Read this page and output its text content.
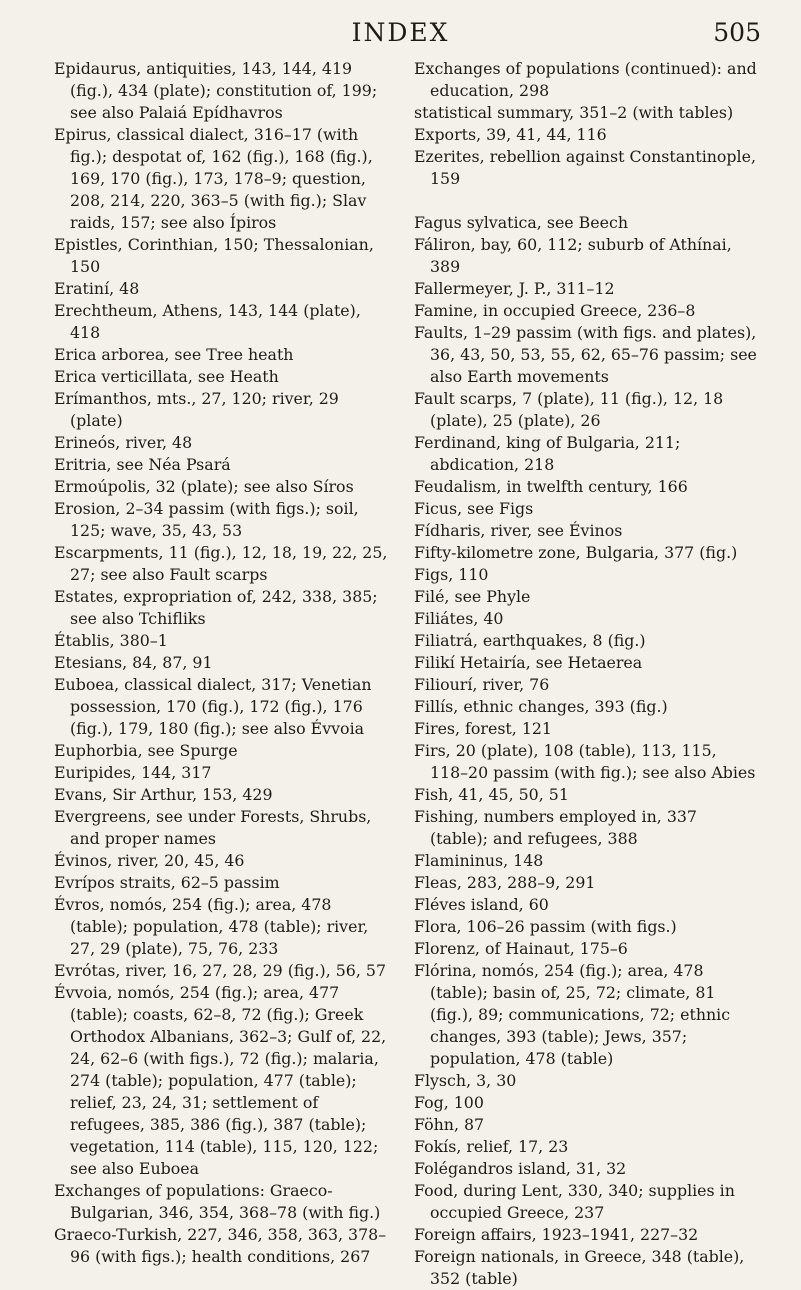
INDEX	505

Epidaurus, antiquities, 143, 144, 419 (fig.), 434 (plate); constitution of, 199; see also Palaiá Epídhavros

Epirus, classical dialect, 316–17 (with fig.); despotat of, 162 (fig.), 168 (fig.), 169, 170 (fig.), 173, 178–9; question, 208, 214, 220, 363–5 (with fig.); Slav raids, 157; see also Ípiros

Epistles, Corinthian, 150; Thessalonian, 150

Eratiní, 48

Erechtheum, Athens, 143, 144 (plate), 418

Erica arborea, see Tree heath

Erica verticillata, see Heath

Erímanthos, mts., 27, 120; river, 29 (plate)

Erineós, river, 48

Eritria, see Néa Psará

Ermoúpolis, 32 (plate); see also Síros

Erosion, 2–34 passim (with figs.); soil, 125; wave, 35, 43, 53

Escarpments, 11 (fig.), 12, 18, 19, 22, 25, 27; see also Fault scarps

Estates, expropriation of, 242, 338, 385; see also Tchifliks

Établis, 380–1

Etesians, 84, 87, 91

Euboea, classical dialect, 317; Venetian possession, 170 (fig.), 172 (fig.), 176 (fig.), 179, 180 (fig.); see also Évvoia

Euphorbia, see Spurge

Euripides, 144, 317

Evans, Sir Arthur, 153, 429

Evergreens, see under Forests, Shrubs, and proper names

Évinos, river, 20, 45, 46

Evrípos straits, 62–5 passim

Évros, nomós, 254 (fig.); area, 478 (table); population, 478 (table); river, 27, 29 (plate), 75, 76, 233

Evrótas, river, 16, 27, 28, 29 (fig.), 56, 57

Évvoia, nomós, 254 (fig.); area, 477 (table); coasts, 62–8, 72 (fig.); Greek Orthodox Albanians, 362–3; Gulf of, 22, 24, 62–6 (with figs.), 72 (fig.); malaria, 274 (table); population, 477 (table); relief, 23, 24, 31; settlement of refugees, 385, 386 (fig.), 387 (table); vegetation, 114 (table), 115, 120, 122; see also Euboea

Exchanges of populations: Graeco-Bulgarian, 346, 354, 368–78 (with fig.)

Graeco-Turkish, 227, 346, 358, 363, 378–96 (with figs.); health conditions, 267

Exchanges of populations (continued): and education, 298

statistical summary, 351–2 (with tables)

Exports, 39, 41, 44, 116

Ezerites, rebellion against Constantinople, 159

Fagus sylvatica, see Beech

Fáliron, bay, 60, 112; suburb of Athínai, 389

Fallermeyer, J. P., 311–12

Famine, in occupied Greece, 236–8

Faults, 1–29 passim (with figs. and plates), 36, 43, 50, 53, 55, 62, 65–76 passim; see also Earth movements

Fault scarps, 7 (plate), 11 (fig.), 12, 18 (plate), 25 (plate), 26

Ferdinand, king of Bulgaria, 211; abdication, 218

Feudalism, in twelfth century, 166

Ficus, see Figs

Fídharis, river, see Évinos

Fifty-kilometre zone, Bulgaria, 377 (fig.)

Figs, 110

Filé, see Phyle

Filiátes, 40

Filiatrá, earthquakes, 8 (fig.)

Filikí Hetairía, see Hetaerea

Filiourí, river, 76

Fillís, ethnic changes, 393 (fig.)

Fires, forest, 121

Firs, 20 (plate), 108 (table), 113, 115, 118–20 passim (with fig.); see also Abies

Fish, 41, 45, 50, 51

Fishing, numbers employed in, 337 (table); and refugees, 388

Flamininus, 148

Fleas, 283, 288–9, 291

Fléves island, 60

Flora, 106–26 passim (with figs.)

Florenz, of Hainaut, 175–6

Flórina, nomós, 254 (fig.); area, 478 (table); basin of, 25, 72; climate, 81 (fig.), 89; communications, 72; ethnic changes, 393 (table); Jews, 357; population, 478 (table)

Flysch, 3, 30

Fog, 100

Föhn, 87

Fokís, relief, 17, 23

Folégandros island, 31, 32

Food, during Lent, 330, 340; supplies in occupied Greece, 237

Foreign affairs, 1923–1941, 227–32

Foreign nationals, in Greece, 348 (table), 352 (table)
